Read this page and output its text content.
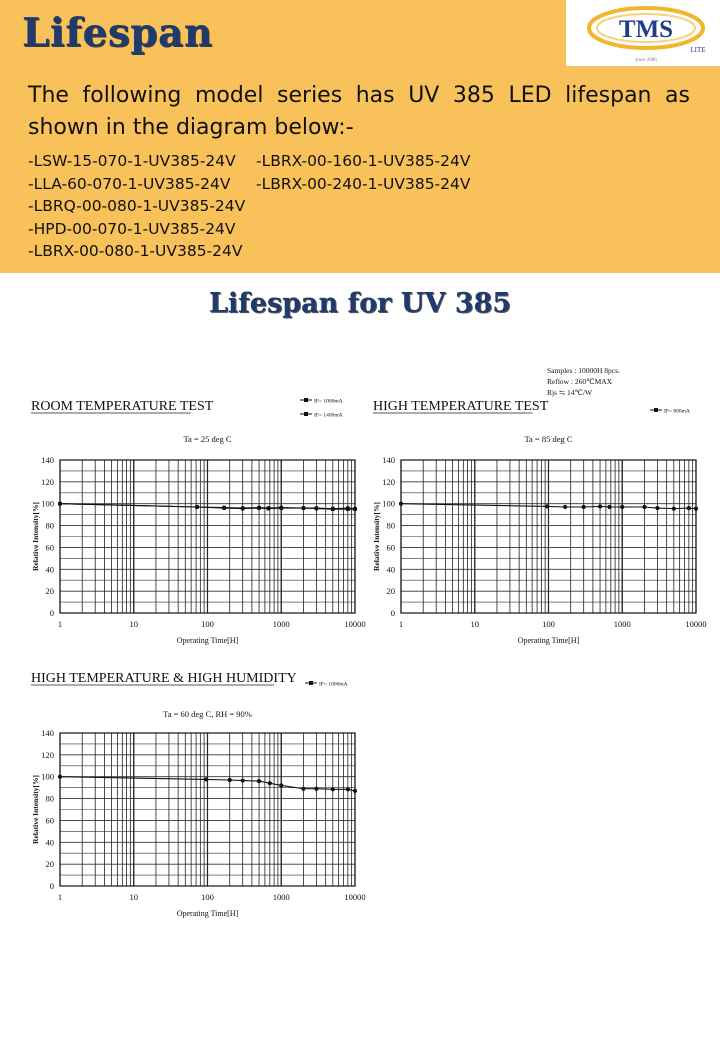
Lifespan	TMS
LITE
since 2006
The following model series has UV 385 LED lifespan as shown in the diagram below:-
-LSW-15-070-1-UV385-24V	-LBRX-00-160-1-UV385-24V
-LLA-60-070-1-UV385-24V	-LBRX-00-240-1-UV385-24V
-LBRQ-00-080-1-UV385-24V
-HPD-00-070-1-UV385-24V
-LBRX-00-080-1-UV385-24V
Lifespan for UV 385
Samples : 10000H 8pcs.
Reflow : 260℃MAX
Rjs ≒ 14℃/W
ROOM TEMPERATURE TEST
Ta = 25 deg C
IF= 1000mA
IF= 1400mA
0
20
40
60
80
100
120
140
1	10	100	1000	10000
Operating Time[H]
Relative Intensity[%]
HIGH TEMPERATURE TEST
Ta = 85 deg C
IF= 800mA
0
20
40
60
80
100
120
140
1	10	100	1000	10000
Operating Time[H]
Relative Intensity[%]
HIGH TEMPERATURE & HIGH HUMIDITY
Ta = 60 deg C, RH = 90%
IF= 1000mA
0
20
40
60
80
100
120
140
1	10	100	1000	10000
Operating Time[H]
Relative Intensity[%]
